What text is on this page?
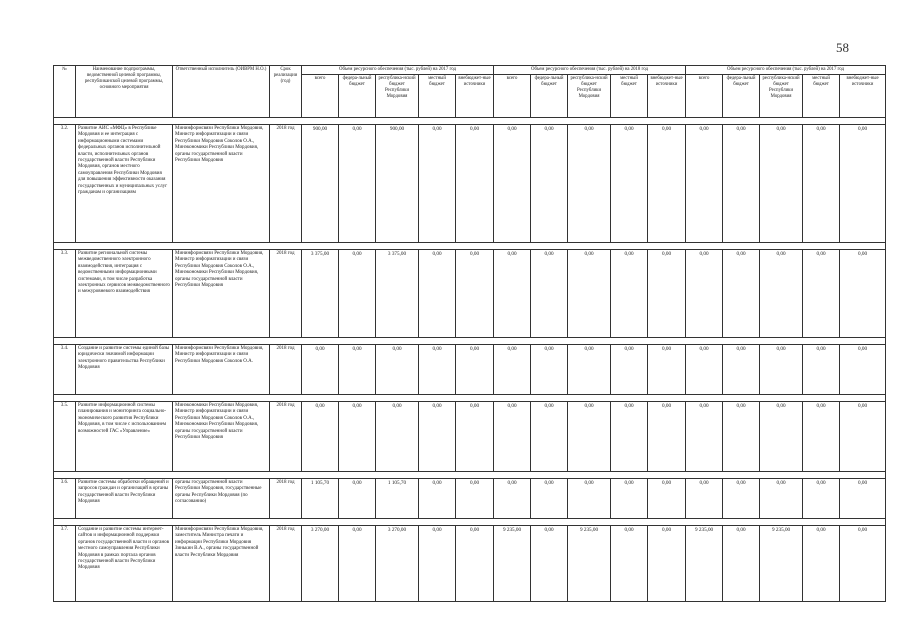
58
№	Наименование подпрограммы, ведомственной целевой программы, республиканской целевой программы, основного мероприятия	Ответственный исполнитель (ОИВРМ Н.О.)	Срок реализации (год)	Объем ресурсного обеспечения (тыс. рублей) на 2017 год					Объем ресурсного обеспечения (тыс. рублей) на 2018 год					Объем ресурсного обеспечения (тыс. рублей) на 2017 год				
				всего	федера-льный бюджет	республика-нский бюджет Республики Мордовия	местный бюджет	внебюджет-ные источники	всего	федера-льный бюджет	республика-нский бюджет Республики Мордовия	местный бюджет	внебюджет-ные источники	всего	федера-льный бюджет	республика-нский бюджет Республики Мордовия	местный бюджет	внебюджет-ные источники

3.2.	Развитие АИС «МФЦ» в Республике Мордовия и ее интеграция с информационными системами федеральных органов исполнительной власти, исполнительных органов государственной власти Республики Мордовия, органов местного самоуправления Республики Мордовия для повышения эффективности оказания государственных и муниципальных услуг гражданам и организациям	Мининформсвязи Республики Мордовия, Министр информатизации и связи Республики Мордовия Соколов О.А., Минэкономики Республики Мордовия, органы государственной власти Республики Мордовия	2018 год	900,00	0,00	900,00	0,00	0,00	0,00	0,00	0,00	0,00	0,00	0,00	0,00	0,00	0,00	0,00

3.3.	Развитие региональной системы межведомственного электронного взаимодействия, интеграция с ведомственными информационными системами, в том числе разработка электронных сервисов межведомственного и межуровневого взаимодействия	Мининформсвязи Республики Мордовия, Министр информатизации и связи Республики Мордовия Соколов О.А., Минэкономики Республики Мордовия, органы государственной власти Республики Мордовия	2018 год	3 375,00	0,00	3 375,00	0,00	0,00	0,00	0,00	0,00	0,00	0,00	0,00	0,00	0,00	0,00	0,00

3.4.	Создание и развитие системы единой базы юридически значимой информации электронного правительства Республики Мордовия	Мининформсвязи Республики Мордовия, Министр информатизации и связи Республики Мордовия Соколов О.А.	2018 год	0,00	0,00	0,00	0,00	0,00	0,00	0,00	0,00	0,00	0,00	0,00	0,00	0,00	0,00	0,00

3.5.	Развитие информационной системы планирования и мониторинга социально-экономического развития Республики Мордовия, в том числе с использованием возможностей ГАС «Управление»	Минэкономики Республики Мордовия, Министр информатизации и связи Республики Мордовия Соколов О.А., Минэкономики Республики Мордовия, органы государственной власти Республики Мордовия	2018 год	0,00	0,00	0,00	0,00	0,00	0,00	0,00	0,00	0,00	0,00	0,00	0,00	0,00	0,00	0,00

3.6.	Развитие системы обработки обращений и запросов граждан и организаций в органы государственной власти Республики Мордовия	органы государственной власти Республики Мордовия, государственные органы Республики Мордовия (по согласованию)	2018 год	1 105,70	0,00	1 105,70	0,00	0,00	0,00	0,00	0,00	0,00	0,00	0,00	0,00	0,00	0,00	0,00

3.7.	Создание и развитие системы интернет-сайтов и информационной поддержки органов государственной власти и органов местного самоуправления Республики Мордовия в рамках портала органов государственной власти Республики Мордовия	Мининформсвязи Республики Мордовия, заместитель Министра печати и информации Республики Мордовия Зинькин В.А., органы государственной власти Республики Мордовия	2018 год	3 270,00	0,00	3 270,00	0,00	0,00	9 235,00	0,00	9 235,00	0,00	0,00	9 235,00	0,00	9 235,00	0,00	0,00
